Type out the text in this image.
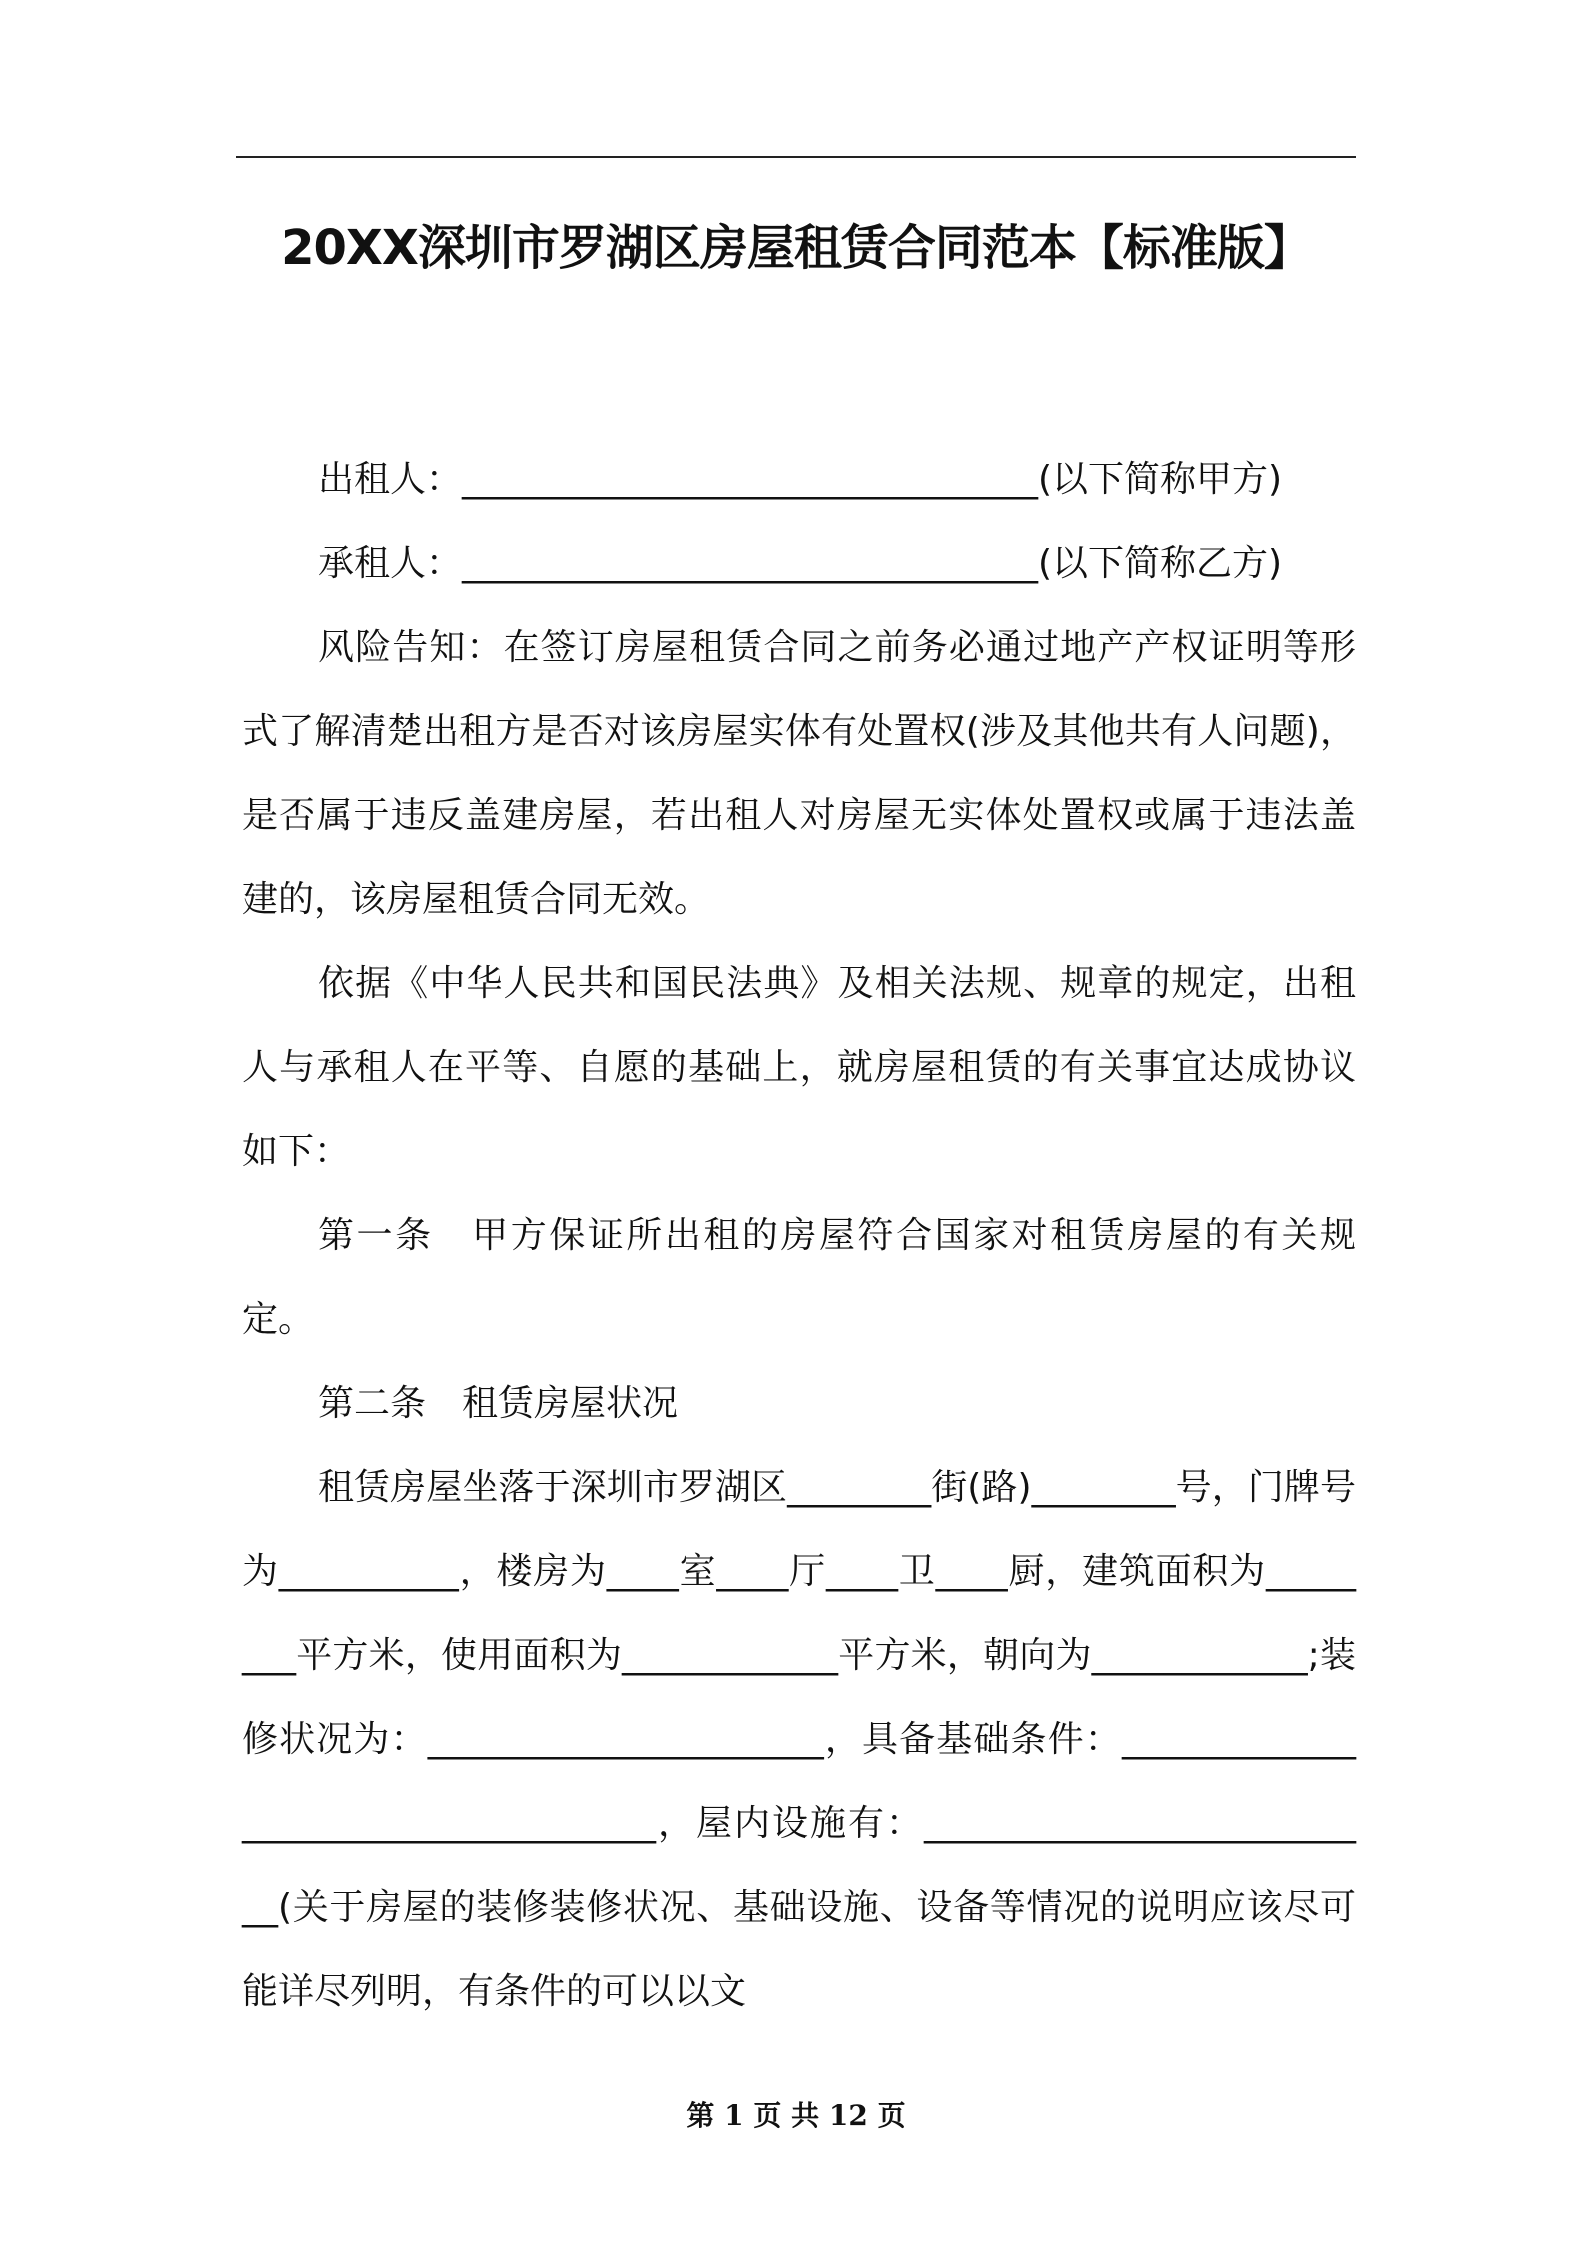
20XX深圳市罗湖区房屋租赁合同范本【标准版】

出租人：________________________________(以下简称甲方)

承租人：________________________________(以下简称乙方)

风险告知：在签订房屋租赁合同之前务必通过地产产权证明等形式了解清楚出租方是否对该房屋实体有处置权(涉及其他共有人问题)，是否属于违反盖建房屋，若出租人对房屋无实体处置权或属于违法盖建的，该房屋租赁合同无效。

依据《中华人民共和国民法典》及相关法规、规章的规定，出租人与承租人在平等、自愿的基础上，就房屋租赁的有关事宜达成协议如下：

第一条　甲方保证所出租的房屋符合国家对租赁房屋的有关规定。

第二条　租赁房屋状况

租赁房屋坐落于深圳市罗湖区________街(路)________号，门牌号为__________，楼房为____室____厅____卫____厨，建筑面积为________平方米，使用面积为____________平方米，朝向为____________;装修状况为：______________________，具备基础条件：____________________________________，屋内设施有：__________________________(关于房屋的装修装修状况、基础设施、设备等情况的说明应该尽可能详尽列明，有条件的可以以文

第 1 页 共 12 页
